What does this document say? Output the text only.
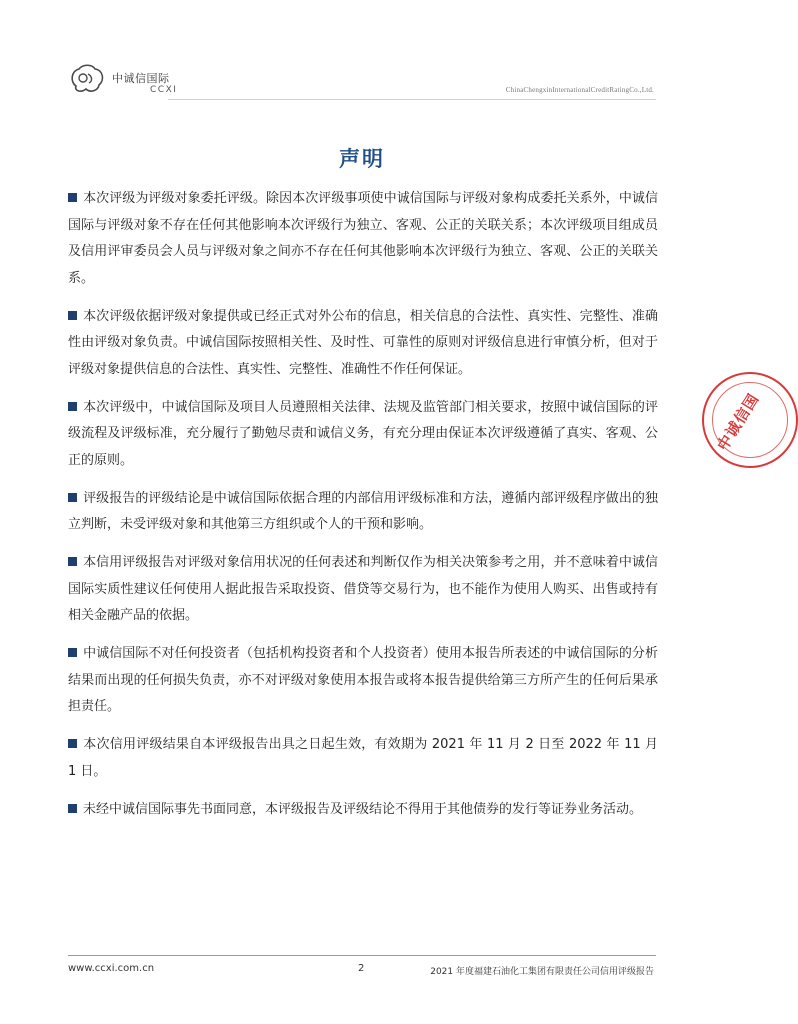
中诚信国际
CCXI	ChinaChengxinInternationalCreditRatingCo.,Ltd.
声明

本次评级为评级对象委托评级。除因本次评级事项使中诚信国际与评级对象构成委托关系外，中诚信国际与评级对象不存在任何其他影响本次评级行为独立、客观、公正的关联关系；本次评级项目组成员及信用评审委员会人员与评级对象之间亦不存在任何其他影响本次评级行为独立、客观、公正的关联关系。

本次评级依据评级对象提供或已经正式对外公布的信息，相关信息的合法性、真实性、完整性、准确性由评级对象负责。中诚信国际按照相关性、及时性、可靠性的原则对评级信息进行审慎分析，但对于评级对象提供信息的合法性、真实性、完整性、准确性不作任何保证。

本次评级中，中诚信国际及项目人员遵照相关法律、法规及监管部门相关要求，按照中诚信国际的评级流程及评级标准，充分履行了勤勉尽责和诚信义务，有充分理由保证本次评级遵循了真实、客观、公正的原则。

评级报告的评级结论是中诚信国际依据合理的内部信用评级标准和方法，遵循内部评级程序做出的独立判断，未受评级对象和其他第三方组织或个人的干预和影响。

本信用评级报告对评级对象信用状况的任何表述和判断仅作为相关决策参考之用，并不意味着中诚信国际实质性建议任何使用人据此报告采取投资、借贷等交易行为，也不能作为使用人购买、出售或持有相关金融产品的依据。

中诚信国际不对任何投资者（包括机构投资者和个人投资者）使用本报告所表述的中诚信国际的分析结果而出现的任何损失负责，亦不对评级对象使用本报告或将本报告提供给第三方所产生的任何后果承担责任。

本次信用评级结果自本评级报告出具之日起生效，有效期为 2021 年 11 月 2 日至 2022 年 11 月 1 日。

未经中诚信国际事先书面同意，本评级报告及评级结论不得用于其他债券的发行等证券业务活动。

中诚信国
www.ccxi.com.cn	2	2021 年度福建石油化工集团有限责任公司信用评级报告
